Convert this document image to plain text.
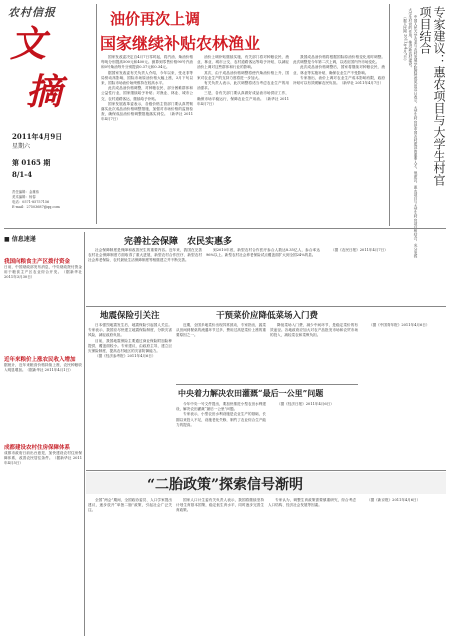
农村信报
文
摘
2011年4月9日
星期六
第 0165 期
8/1-4
责任编辑：金雄伟
美术编辑：杨春
电话：0571-85757156
E-mail：27503687@qq.com
油价再次上调
国家继续补贴农林渔业

国家发改委决定自4月7日零时起，将汽油、柴油价格每吨分别提高500元和400元。测算到零售价格90号汽油和0号柴油每升分别提高0.37元和0.34元。

据国家发改委有关负责人介绍，今年以来，受北非等局势动荡影响，国际市场原油价格大幅上涨，3月下旬以来，国际市场油价始终维持在较高水平。

此次成品油价格调整，对种粮农民、部分困难群体和公益性行业，国家继续给予补贴；对渔业、林业、城市公交、农村道路客运，继续给予补贴。

国家发展改革委表示，各级价格主管部门要认真贯彻落实此次成品油价格调整措施，加强对市场价格的监督检查，确保成品油价格调整措施落实到位。（新华社 2011年4月7日）

油价上调补贴继续实施，有关部门将对种粮农民、渔业、林业、城市公交、农村道路客运等给予补贴，以减轻油价上调对这些群体和行业的影响。

其次，由于成品油价格调整将使汽柴油价格上升，国家对农业生产的支持力度将进一步加大。

有关负责人表示，此次调整将适当考虑农业生产的用油需求。

三是，各有关部门要认真做好成品油市场供应工作，确保市场平稳运行，保障农业生产用油。（新华社 2011年4月7日）

我国成品油价格将根据国际原油价格变化适时调整。此次调整是今年第二次上调，以适应国内外市场变化。

此次成品油价格调整后，国家将继续对种粮农民、渔业、林业等实施补贴，确保农业生产不受影响。

专家指出，油价上调对农业生产成本影响有限，政府补贴可以有效缓解农民负担。（新华社 2011年4月7日）	专家建议：惠农项目与大学生村官项目结合

中国人民大学农业与农村发展学院教授郑风田近日表示，大学生村官是中国农村建设的重要人才。他建议，惠农项目与大学生村官项目相结合，充分发挥大学生村官的作用，推进新农村建设。

（据人民网 2011年4月7日）

■ 信息速递
我国向粮食主产区拨付资金
日前，中国财政部发布消息，中央财政拨付资金用于粮食主产区农业综合开发。（据新华社 2011年3月30日）
近年来粮价上涨农民收入增加
据统计，近年来粮食价格持续上涨，农民种粮收入明显增加。（据新华社 2011年4月1日）
成都建设农村住房保障体系
成都市政府日前出台意见，加快建设农村住房保障体系，改善农民居住条件。（据新华社 2011年4月5日）
完善社会保障　农民实惠多

社会保障制度是保障和改善民生的重要内容。近年来，我国在完善农村社会保障制度方面取得了重大进展，新型农村合作医疗、新型农村社会养老保险、农村最低生活保障制度等相继建立并不断完善。

到2010年底，新型农村合作医疗参合人数达8.35亿人，参合率达96%以上。新型农村社会养老保险试点覆盖面扩大到全国24%的县。

（据《农民日报》2011年4月7日）

地震保险引关注

日本强烈地震发生后，地震保险引起国人关注。专家表示，我国应尽快建立地震保险制度，分散灾害风险，减轻政府负担。

目前，我国地震保险主要通过商业保险附加险种提供，覆盖面较小。专家建议，由政府主导，建立巨灾保险制度，提高农村地区的灾害防御能力。

（据《经济参考报》2011年4月6日）

干预菜价应降低菜场入门费

近期，全国多地菜价出现异常波动，专家指出，蔬菜从田间到餐桌的流通环节过多，费用过高是菜价上涨的重要原因之一。

降低菜场入门费，减少中间环节，是稳定菜价的有效途径。各地政府应加大对农产品批发市场和农贸市场的投入，减轻菜农和菜贩负担。

（据《中国青年报》2011年4月6日）

中央着力解决农田灌溉“最后一公里”问题

今年中央一号文件提出，要加快推进小型农田水利建设，解决农田灌溉“最后一公里”问题。

专家表示，小型农田水利设施是农业生产的基础，长期以来投入不足，设施老化失修，制约了农业综合生产能力的提高。

（据《经济日报》2011年4月6日）

“二胎政策”探索信号渐明

全国“两会”期间，全国政协委员、人口学家提出建议，逐步放开“单独二胎”政策，引起社会广泛关注。

国家人口计生委有关负责人表示，我国将继续坚持计划生育基本国策，稳定低生育水平，同时逐步完善生育政策。

专家认为，调整生育政策需要慎重研究，综合考虑人口结构、经济社会发展等因素。

（据《新京报》2011年4月6日）
